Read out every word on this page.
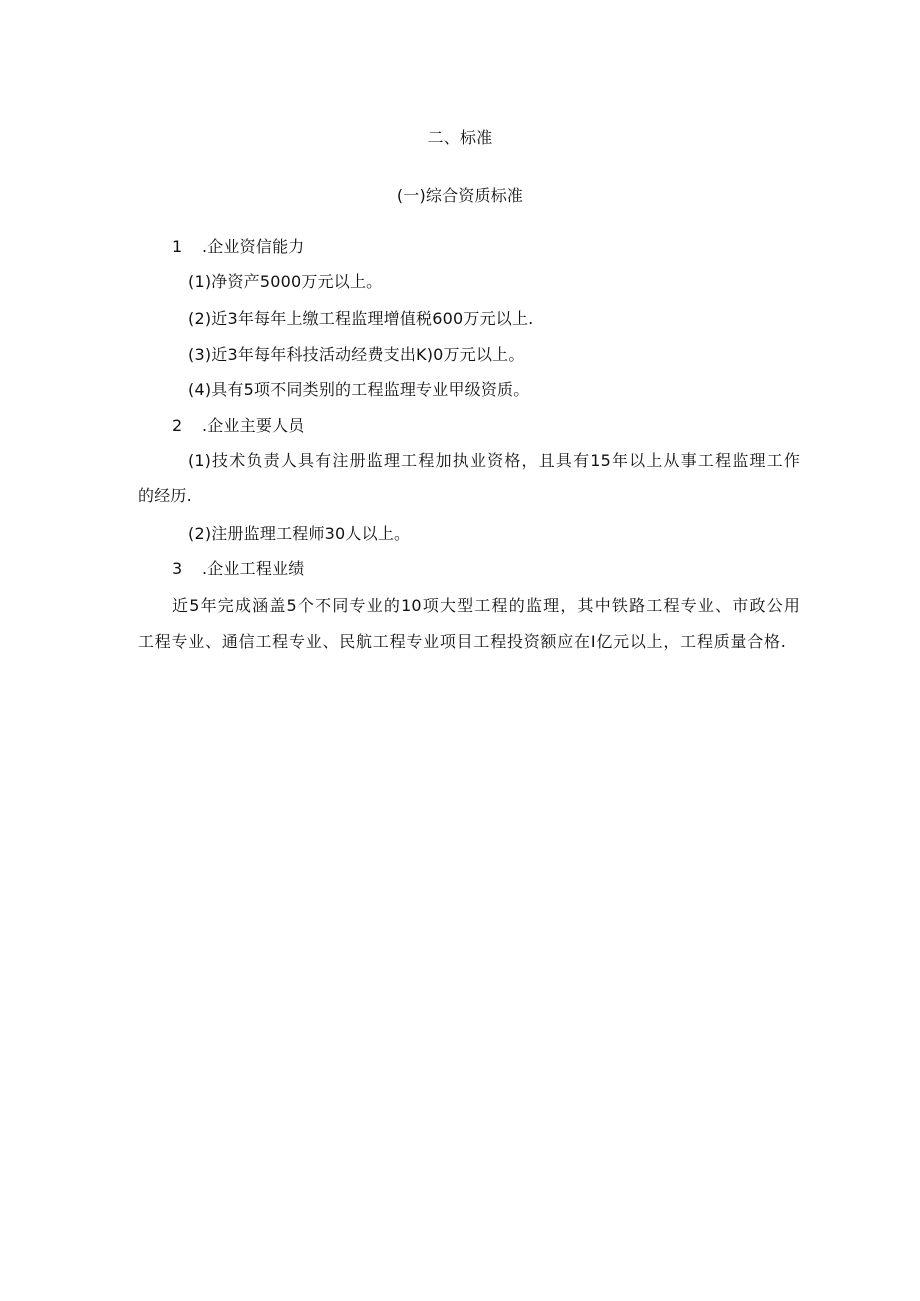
二、标准
(一)综合资质标准
1 .企业资信能力
(1)净资产5000万元以上。
(2)近3年每年上缴工程监理增值税600万元以上.
(3)近3年每年科技活动经费支出K)0万元以上。
(4)具有5项不同类别的工程监理专业甲级资质。
2 .企业主要人员
(1)技术负责人具有注册监理工程加执业资格，且具有15年以上从事工程监理工作
的经历.
(2)注册监理工程师30人以上。
3 .企业工程业绩
近5年完成涵盖5个不同专业的10项大型工程的监理，其中铁路工程专业、市政公用
工程专业、通信工程专业、民航工程专业项目工程投资额应在I亿元以上，工程质量合格.
